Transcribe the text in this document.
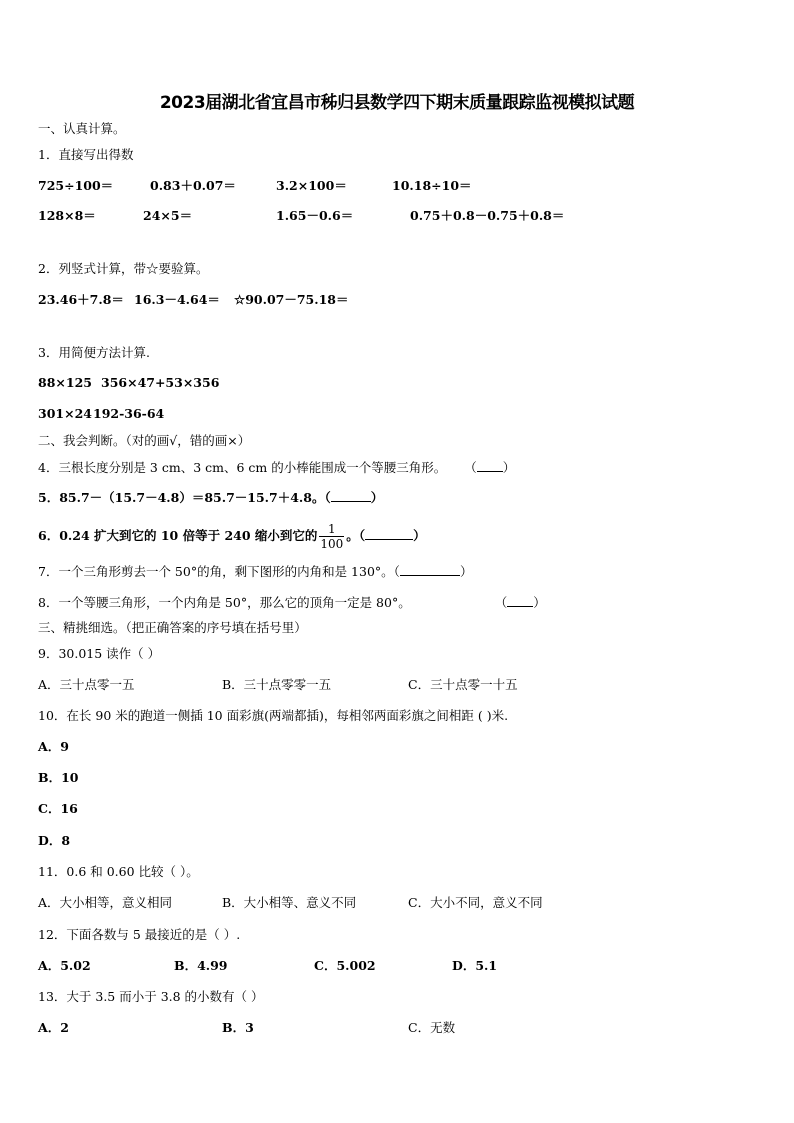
2023届湖北省宜昌市秭归县数学四下期末质量跟踪监视模拟试题
一、认真计算。
1．直接写出得数
725÷100＝	0.83＋0.07＝	3.2×100＝	10.18÷10＝
128×8＝	24×5＝	1.65－0.6＝	0.75＋0.8－0.75＋0.8＝
2．列竖式计算，带☆要验算。
23.46＋7.8＝ 16.3－4.64＝ ☆90.07－75.18＝
3．用简便方法计算.
88×125 356×47+53×356
301×24 192-36-64
二、我会判断。（对的画√，错的画×）
4．三根长度分别是 3 cm、3 cm、6 cm 的小棒能围成一个等腰三角形。 （ ）
5．85.7－（15.7－4.8）＝85.7－15.7＋4.8。（	）
6．0.24 扩大到它的 10 倍等于 240 缩小到它的 $\frac{1}{100}$ 。（	）
7．一个三角形剪去一个 50°的角，剩下图形的内角和是 130°。（	）
8．一个等腰三角形，一个内角是 50°，那么它的顶角一定是 80°。	（ ）
三、精挑细选。（把正确答案的序号填在括号里）
9．30.015 读作（ ）
A．三十点零一五	B．三十点零零一五	C．三十点零一十五
10．在长 90 米的跑道一侧插 10 面彩旗(两端都插)，每相邻两面彩旗之间相距 ( )米.
A．9
B．10
C．16
D．8
11．0.6 和 0.60 比较（ ）。
A．大小相等，意义相同	B．大小相等、意义不同	C．大小不同，意义不同
12．下面各数与 5 最接近的是（ ）.
A．5.02	B．4.99	C．5.002	D．5.1
13．大于 3.5 而小于 3.8 的小数有（ ）
A．2	B．3	C．无数
